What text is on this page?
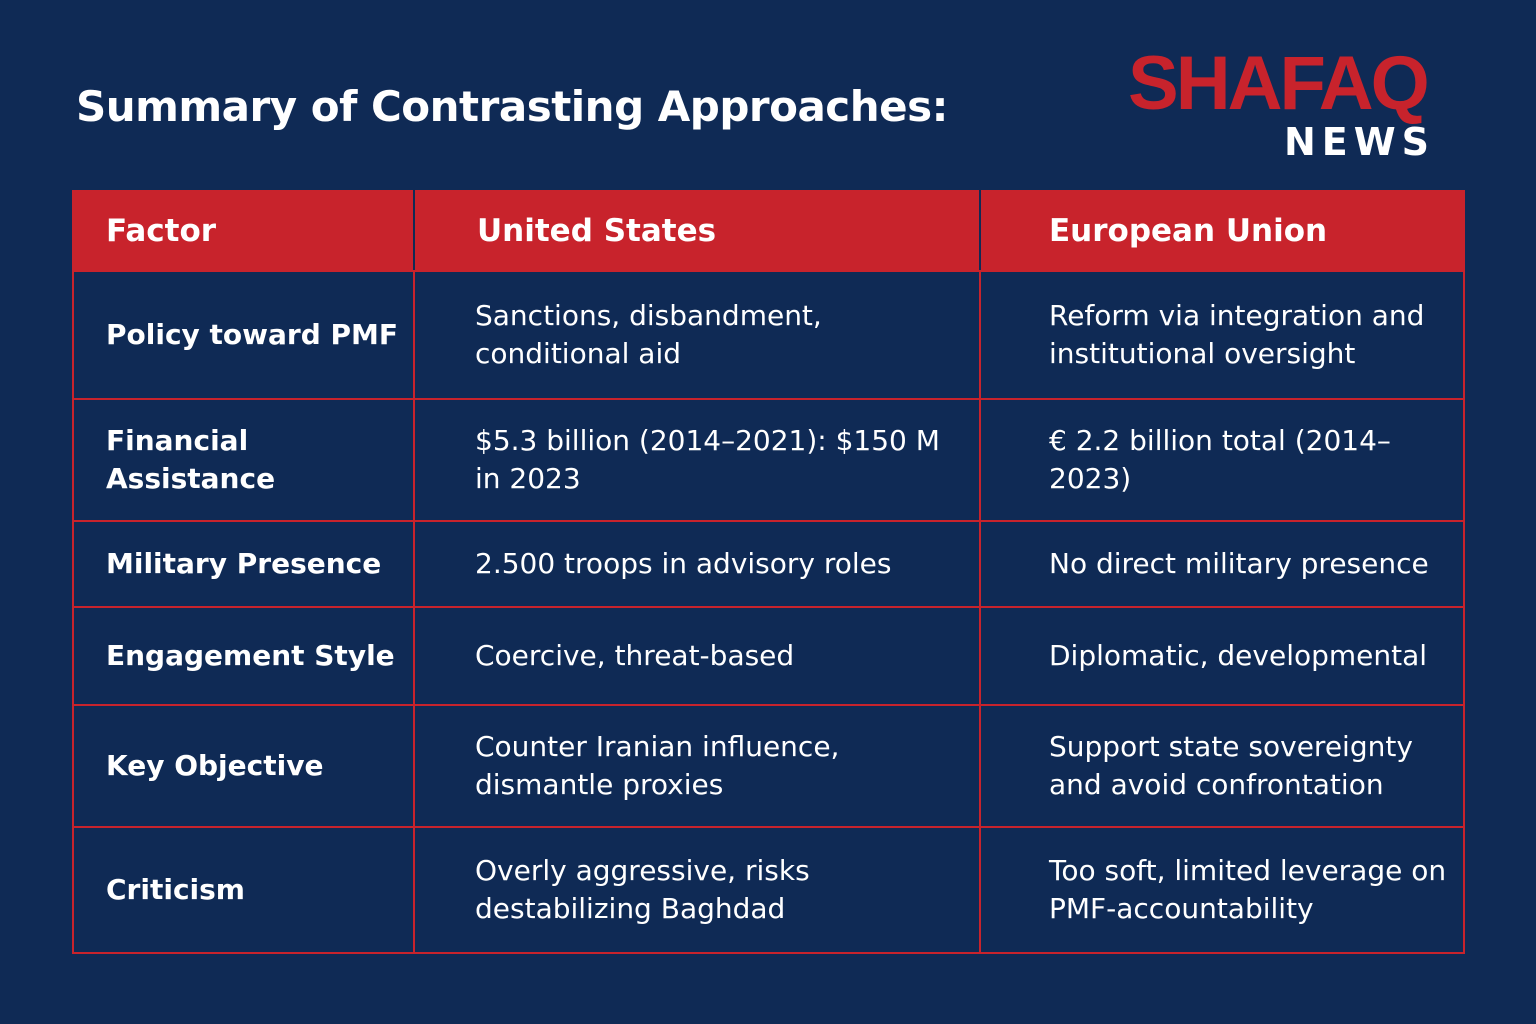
Summary of Contrasting Approaches: SHAFAQ
NEWS
Factor	United States	European Union
Policy toward PMF	Sanctions, disbandment, conditional aid	Reform via integration and institutional oversight
Financial Assistance	$5.3 billion (2014–2021): $150 M in 2023	€ 2.2 billion total (2014–2023)
Military Presence	2.500 troops in advisory roles	No direct military presence
Engagement Style	Coercive, threat-based	Diplomatic, developmental
Key Objective	Counter Iranian influence, dismantle proxies	Support state sovereignty and avoid confrontation
Criticism	Overly aggressive, risks destabilizing Baghdad	Too soft, limited leverage on PMF-accountability
